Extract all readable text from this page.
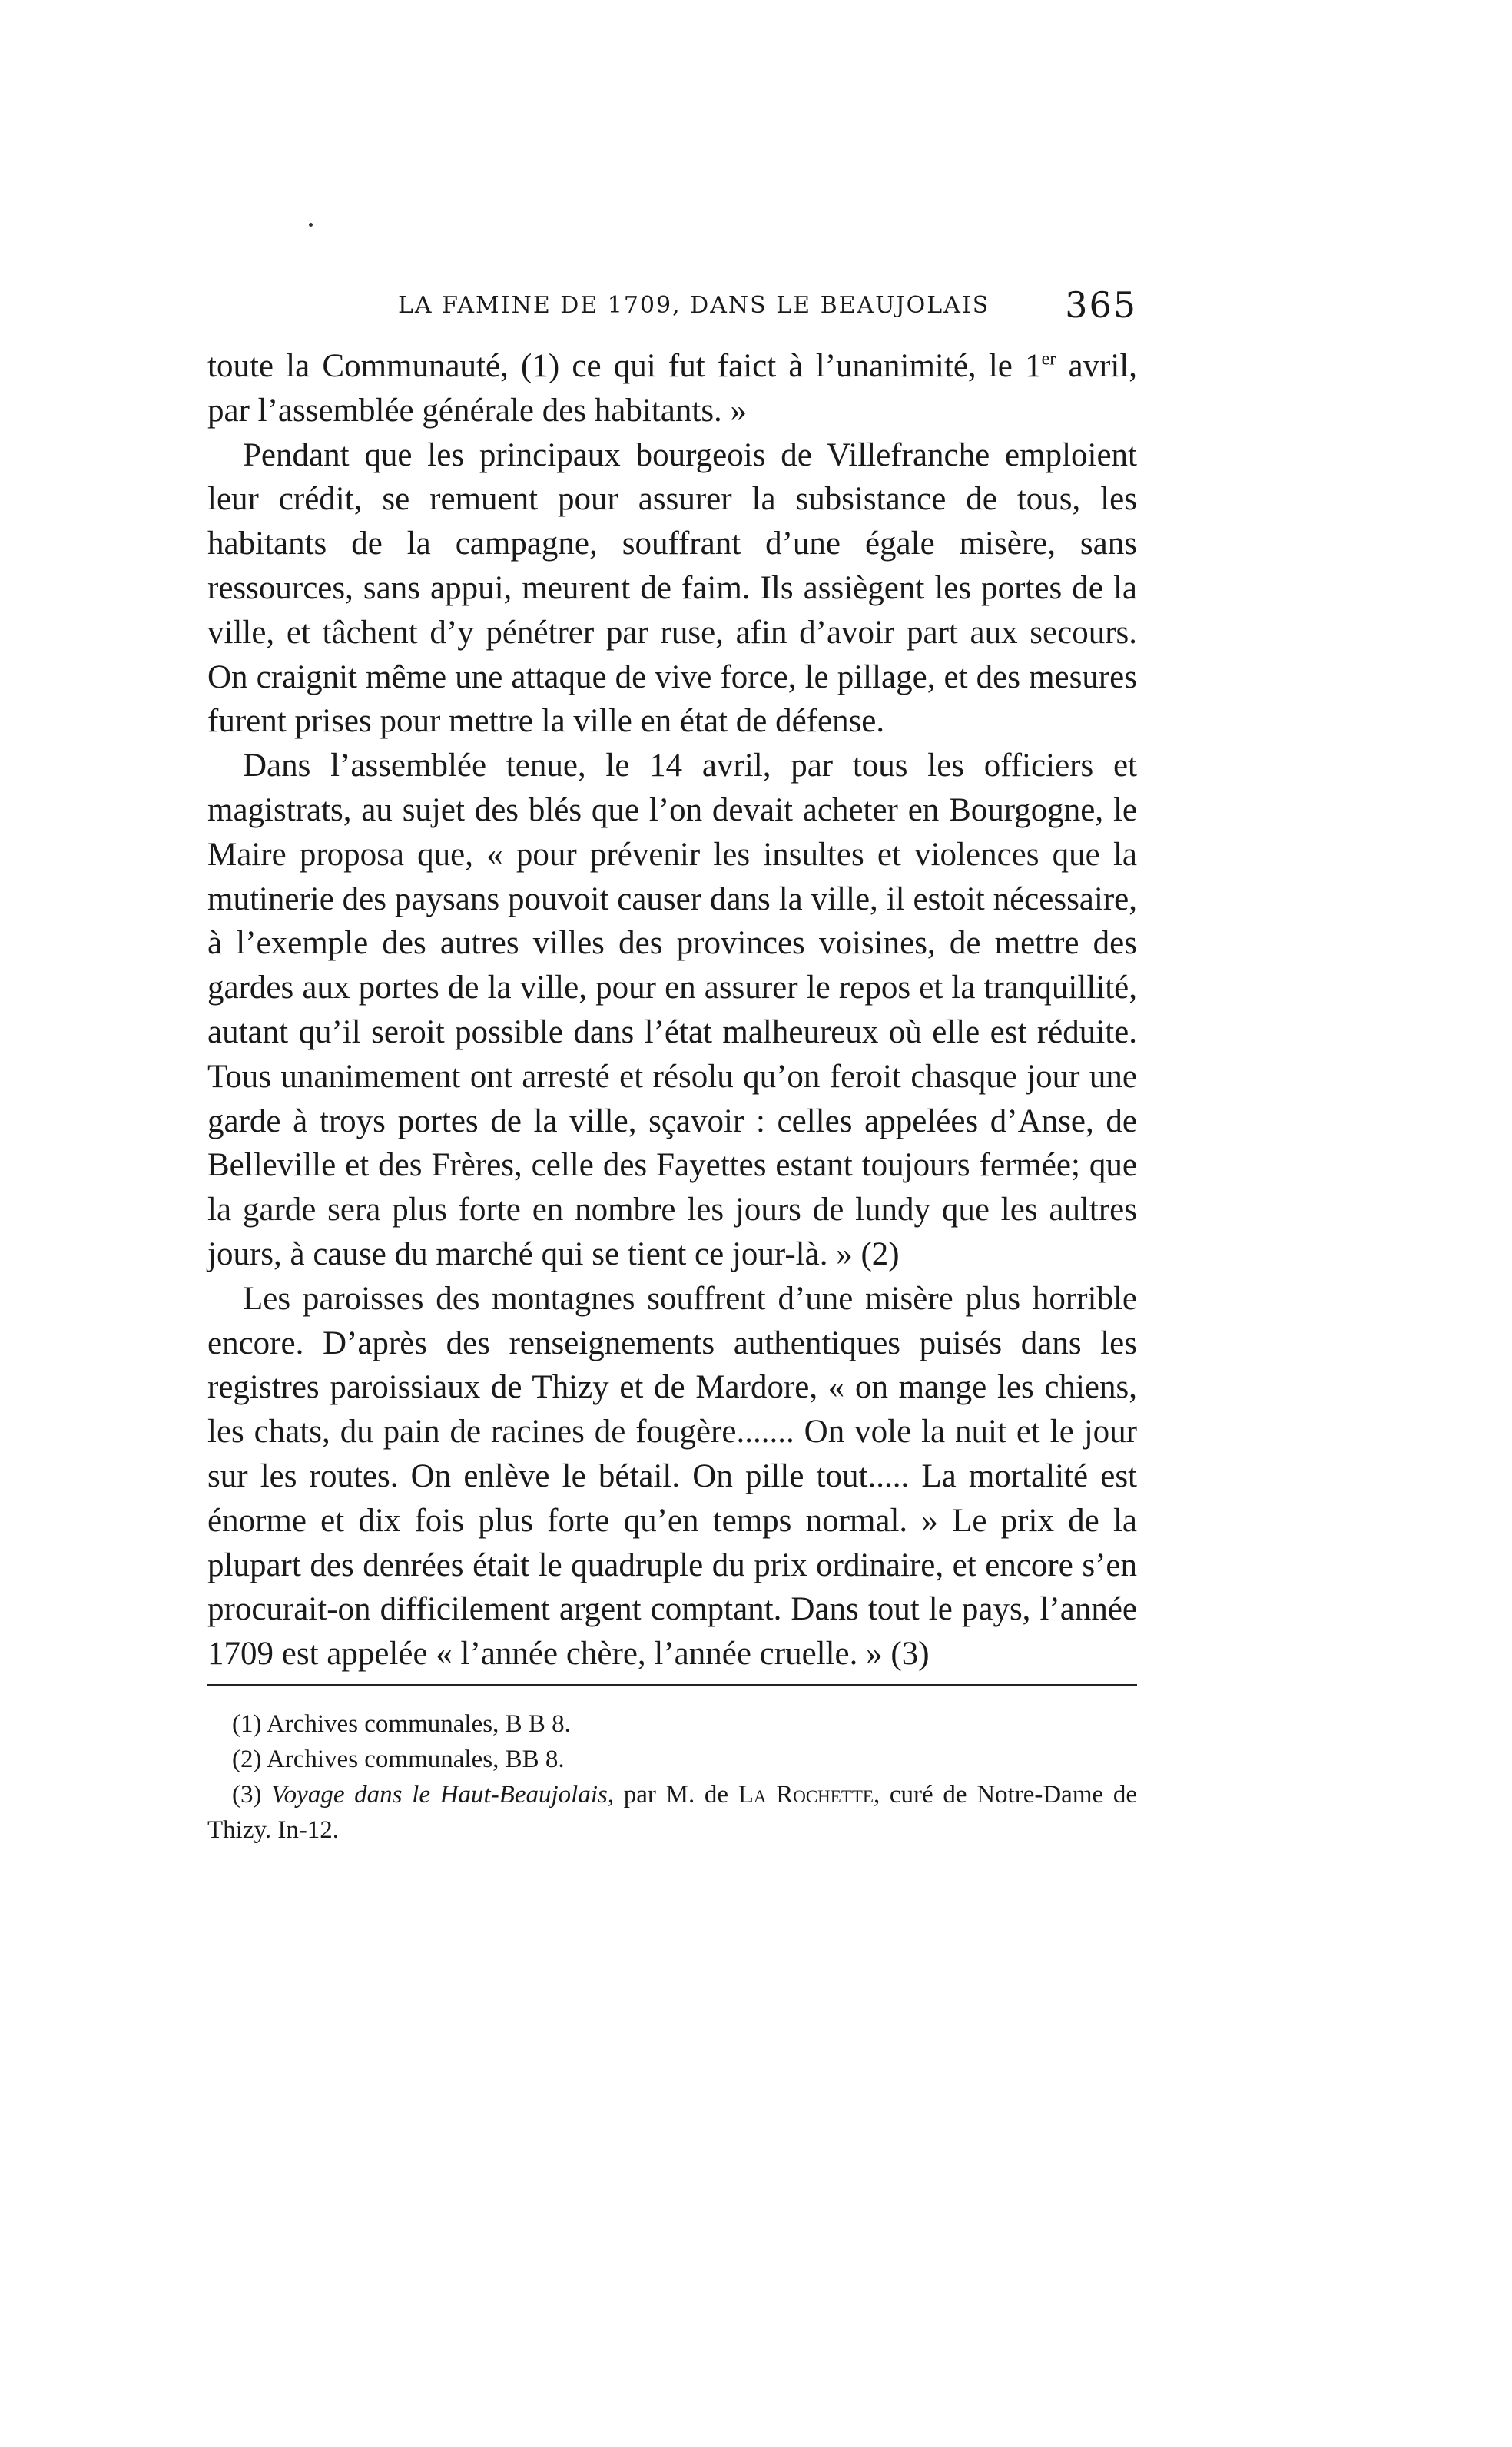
LA FAMINE DE 1709, DANS LE BEAUJOLAIS 365

toute la Communauté, (1) ce qui fut faict à l’unanimité, le 1er avril, par l’assemblée générale des habitants. »

Pendant que les principaux bourgeois de Villefranche emploient leur crédit, se remuent pour assurer la subsistance de tous, les habitants de la campagne, souffrant d’une égale misère, sans ressources, sans appui, meurent de faim. Ils assiègent les portes de la ville, et tâchent d’y pénétrer par ruse, afin d’avoir part aux secours. On craignit même une attaque de vive force, le pillage, et des mesures furent prises pour mettre la ville en état de défense.

Dans l’assemblée tenue, le 14 avril, par tous les officiers et magistrats, au sujet des blés que l’on devait acheter en Bourgogne, le Maire proposa que, « pour prévenir les insultes et violences que la mutinerie des paysans pouvoit causer dans la ville, il estoit nécessaire, à l’exemple des autres villes des provinces voisines, de mettre des gardes aux portes de la ville, pour en assurer le repos et la tranquillité, autant qu’il seroit possible dans l’état malheureux où elle est réduite. Tous unanimement ont arresté et résolu qu’on feroit chasque jour une garde à troys portes de la ville, sçavoir : celles appelées d’Anse, de Belleville et des Frères, celle des Fayettes estant toujours fermée; que la garde sera plus forte en nombre les jours de lundy que les aultres jours, à cause du marché qui se tient ce jour-là. » (2)

Les paroisses des montagnes souffrent d’une misère plus horrible encore. D’après des renseignements authentiques puisés dans les registres paroissiaux de Thizy et de Mardore, « on mange les chiens, les chats, du pain de racines de fougère....... On vole la nuit et le jour sur les routes. On enlève le bétail. On pille tout..... La mortalité est énorme et dix fois plus forte qu’en temps normal. » Le prix de la plupart des denrées était le quadruple du prix ordinaire, et encore s’en procurait-on difficilement argent comptant. Dans tout le pays, l’année 1709 est appelée « l’année chère, l’année cruelle. » (3)

(1) Archives communales, B B 8.

(2) Archives communales, BB 8.

(3) Voyage dans le Haut-Beaujolais, par M. de La Rochette, curé de Notre-Dame de Thizy. In-12.
